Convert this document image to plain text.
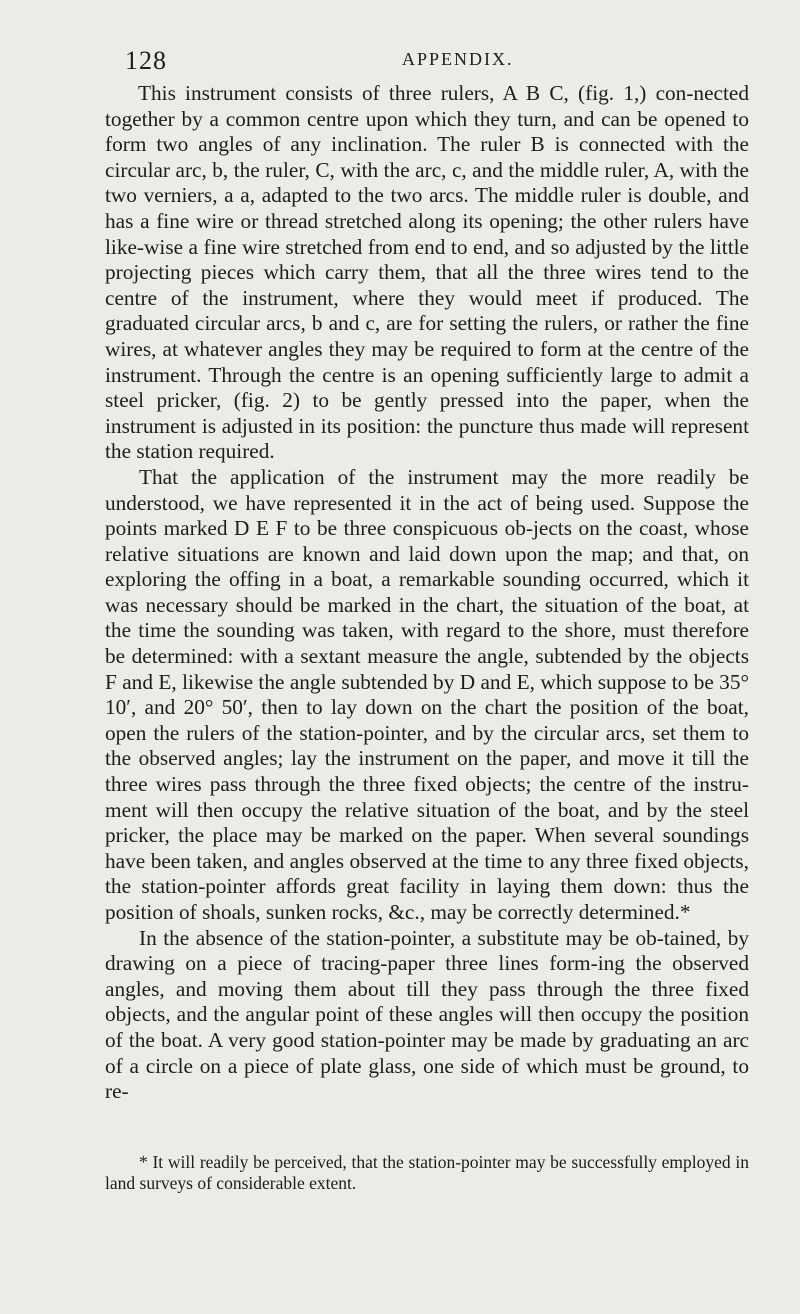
128	APPENDIX.

This instrument consists of three rulers, A B C, (fig. 1,) con-nected together by a common centre upon which they turn, and can be opened to form two angles of any inclination. The ruler B is connected with the circular arc, b, the ruler, C, with the arc, c, and the middle ruler, A, with the two verniers, a a, adapted to the two arcs. The middle ruler is double, and has a fine wire or thread stretched along its opening; the other rulers have like-wise a fine wire stretched from end to end, and so adjusted by the little projecting pieces which carry them, that all the three wires tend to the centre of the instrument, where they would meet if produced. The graduated circular arcs, b and c, are for setting the rulers, or rather the fine wires, at whatever angles they may be required to form at the centre of the instrument. Through the centre is an opening sufficiently large to admit a steel pricker, (fig. 2) to be gently pressed into the paper, when the instrument is adjusted in its position: the puncture thus made will represent the station required.

That the application of the instrument may the more readily be understood, we have represented it in the act of being used. Suppose the points marked D E F to be three conspicuous ob-jects on the coast, whose relative situations are known and laid down upon the map; and that, on exploring the offing in a boat, a remarkable sounding occurred, which it was necessary should be marked in the chart, the situation of the boat, at the time the sounding was taken, with regard to the shore, must therefore be determined: with a sextant measure the angle, subtended by the objects F and E, likewise the angle subtended by D and E, which suppose to be 35° 10′, and 20° 50′, then to lay down on the chart the position of the boat, open the rulers of the station-pointer, and by the circular arcs, set them to the observed angles; lay the instrument on the paper, and move it till the three wires pass through the three fixed objects; the centre of the instru-ment will then occupy the relative situation of the boat, and by the steel pricker, the place may be marked on the paper. When several soundings have been taken, and angles observed at the time to any three fixed objects, the station-pointer affords great facility in laying them down: thus the position of shoals, sunken rocks, &c., may be correctly determined.*

In the absence of the station-pointer, a substitute may be ob-tained, by drawing on a piece of tracing-paper three lines form-ing the observed angles, and moving them about till they pass through the three fixed objects, and the angular point of these angles will then occupy the position of the boat. A very good station-pointer may be made by graduating an arc of a circle on a piece of plate glass, one side of which must be ground, to re-

* It will readily be perceived, that the station-pointer may be successfully employed in land surveys of considerable extent.
